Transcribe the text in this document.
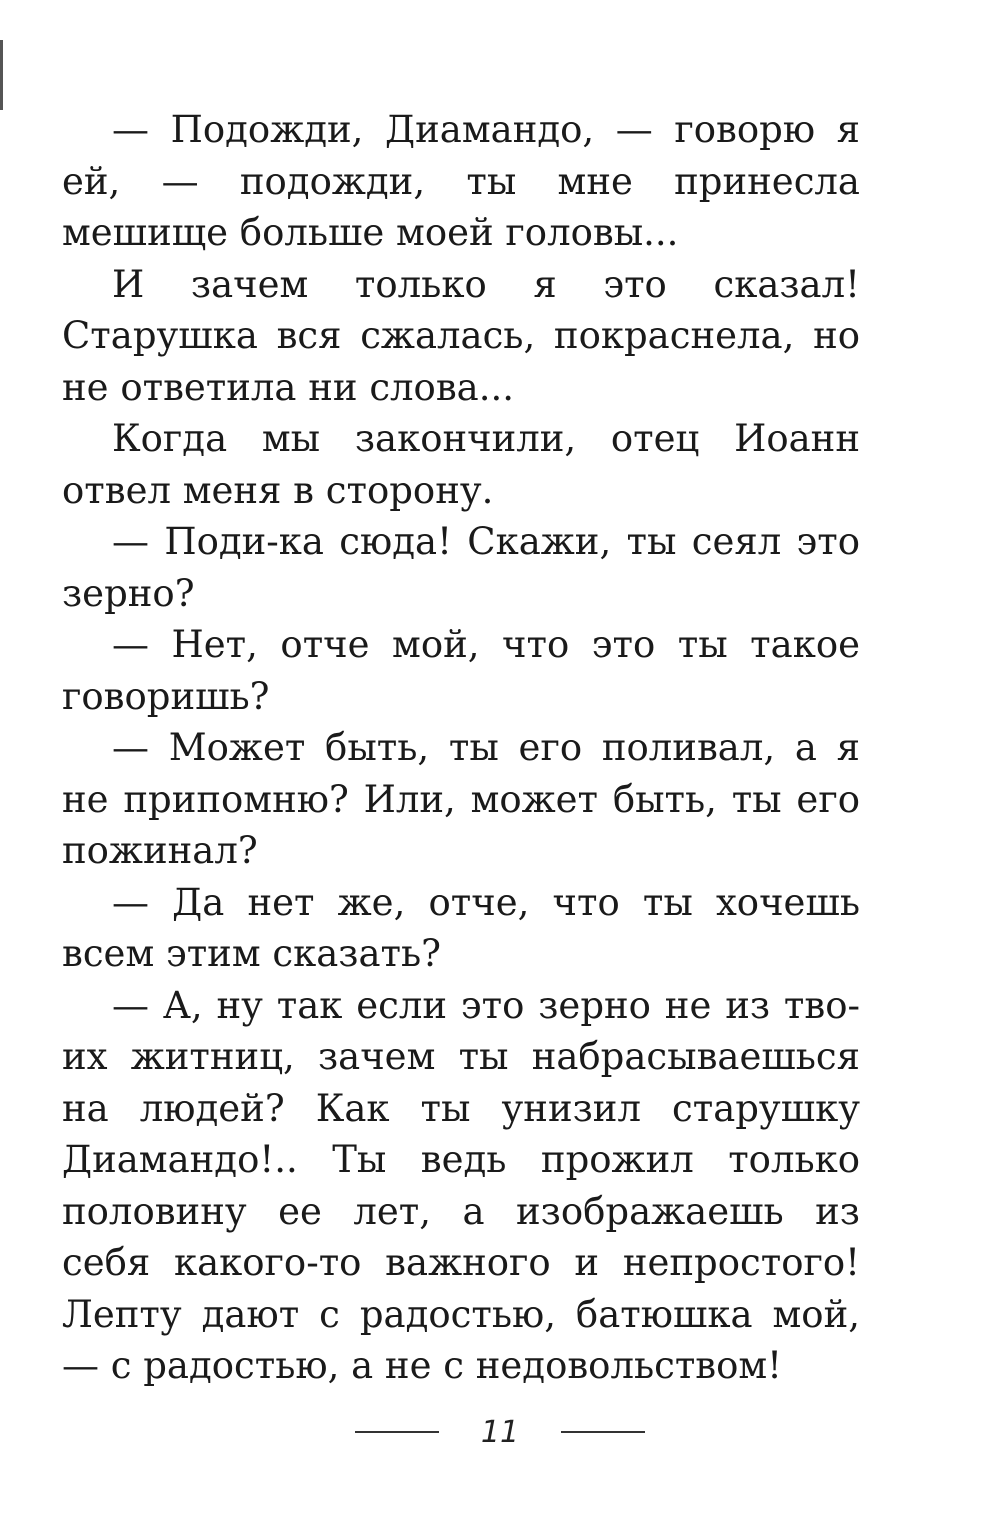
— Подожди, Диамандо, — говорю я ей, — подожди, ты мне принесла мешище больше моей головы...

И зачем только я это сказал! Старушка вся сжалась, покраснела, но не ответила ни слова...

Когда мы закончили, отец Иоанн отвел меня в сторону.

— Поди-ка сюда! Скажи, ты сеял это зерно?

— Нет, отче мой, что это ты такое говоришь?

— Может быть, ты его поливал, а я не припомню? Или, может быть, ты его пожинал?

— Да нет же, отче, что ты хочешь всем этим сказать?

— А, ну так если это зерно не из твоих житниц, зачем ты набрасываешься на людей? Как ты унизил старушку Диамандо!.. Ты ведь прожил только половину ее лет, а изображаешь из себя какого-то важного и непростого! Лепту дают с радостью, батюшка мой, — с радостью, а не с недовольством!

11
